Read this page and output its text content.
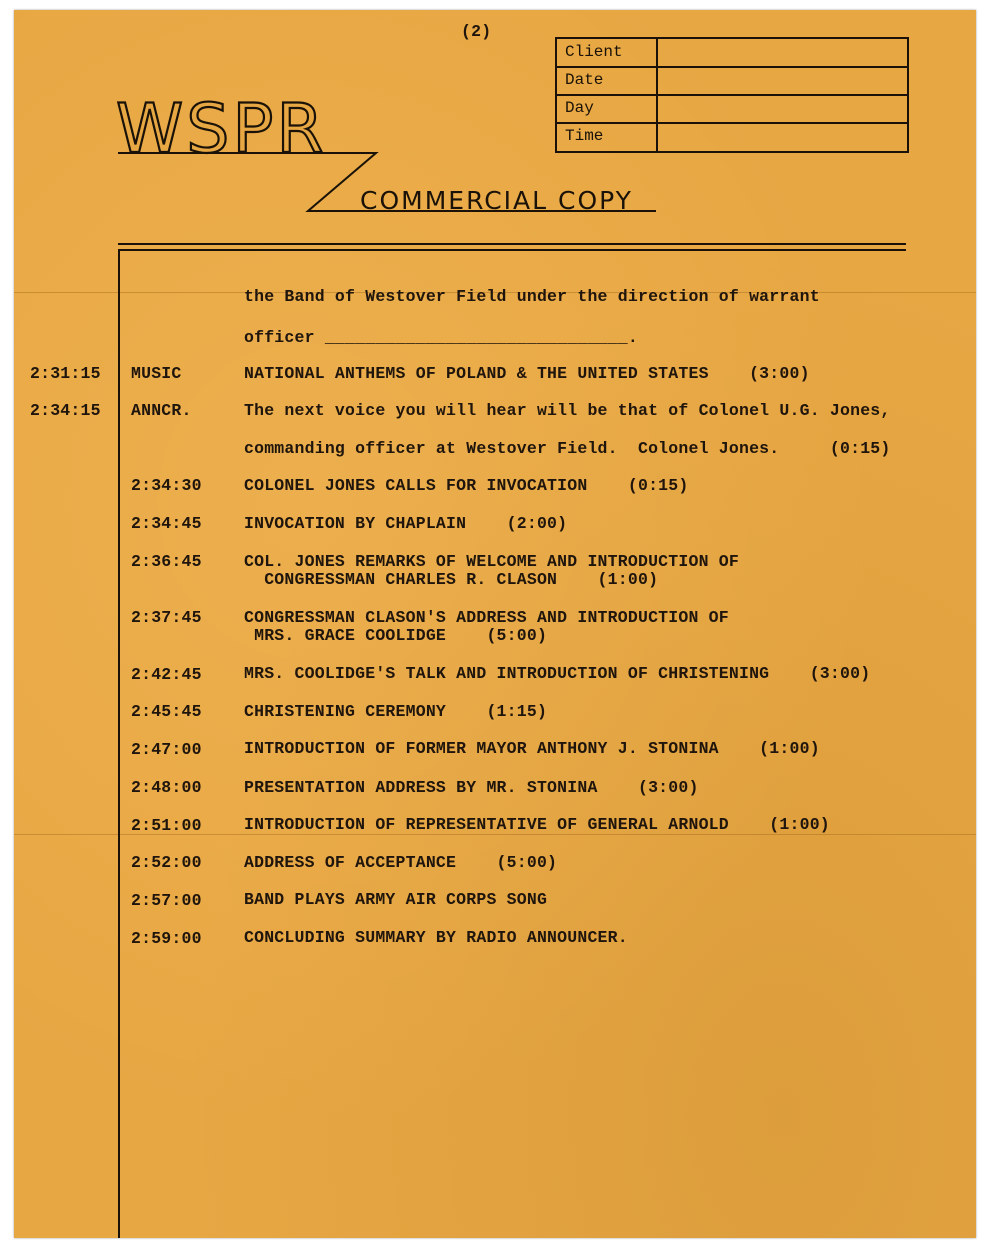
(2)
WSPR
COMMERCIAL COPY
Client
Date
Day
Time
the Band of Westover Field under the direction of warrant
officer ______________________________.
2:31:15 MUSIC	NATIONAL ANTHEMS OF POLAND & THE UNITED STATES    (3:00)
2:34:15 ANNCR.	The next voice you will hear will be that of Colonel U.G. Jones,
commanding officer at Westover Field.  Colonel Jones.     (0:15)
2:34:30	COLONEL JONES CALLS FOR INVOCATION    (0:15)
2:34:45	INVOCATION BY CHAPLAIN    (2:00)
2:36:45	COL. JONES REMARKS OF WELCOME AND INTRODUCTION OF
CONGRESSMAN CHARLES R. CLASON    (1:00)
2:37:45	CONGRESSMAN CLASON'S ADDRESS AND INTRODUCTION OF
MRS. GRACE COOLIDGE    (5:00)
2:42:45	MRS. COOLIDGE'S TALK AND INTRODUCTION OF CHRISTENING    (3:00)
2:45:45	CHRISTENING CEREMONY    (1:15)
2:47:00	INTRODUCTION OF FORMER MAYOR ANTHONY J. STONINA    (1:00)
2:48:00	PRESENTATION ADDRESS BY MR. STONINA    (3:00)
2:51:00	INTRODUCTION OF REPRESENTATIVE OF GENERAL ARNOLD    (1:00)
2:52:00	ADDRESS OF ACCEPTANCE    (5:00)
2:57:00	BAND PLAYS ARMY AIR CORPS SONG
2:59:00	CONCLUDING SUMMARY BY RADIO ANNOUNCER.
